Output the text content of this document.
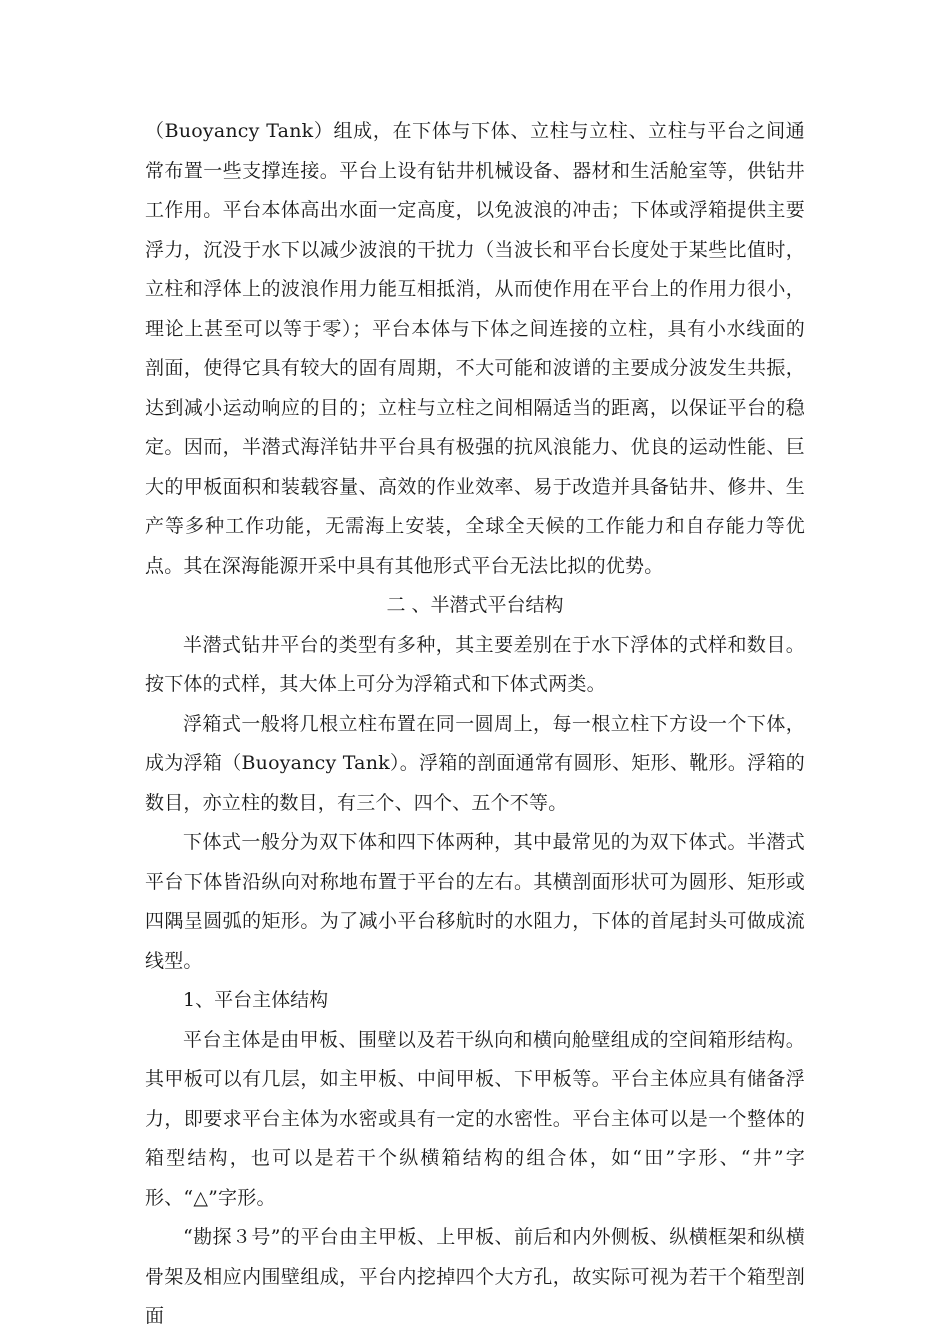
（Buoyancy Tank）组成，在下体与下体、立柱与立柱、立柱与平台之间通常布置一些支撑连接。平台上设有钻井机械设备、器材和生活舱室等，供钻井工作用。平台本体高出水面一定高度，以免波浪的冲击；下体或浮箱提供主要浮力，沉没于水下以减少波浪的干扰力（当波长和平台长度处于某些比值时，立柱和浮体上的波浪作用力能互相抵消，从而使作用在平台上的作用力很小，理论上甚至可以等于零）；平台本体与下体之间连接的立柱，具有小水线面的剖面，使得它具有较大的固有周期，不大可能和波谱的主要成分波发生共振，达到减小运动响应的目的；立柱与立柱之间相隔适当的距离，以保证平台的稳定。因而，半潜式海洋钻井平台具有极强的抗风浪能力、优良的运动性能、巨大的甲板面积和装载容量、高效的作业效率、易于改造并具备钻井、修井、生产等多种工作功能，无需海上安装，全球全天候的工作能力和自存能力等优点。其在深海能源开采中具有其他形式平台无法比拟的优势。

二 、半潜式平台结构

半潜式钻井平台的类型有多种，其主要差别在于水下浮体的式样和数目。按下体的式样，其大体上可分为浮箱式和下体式两类。

浮箱式一般将几根立柱布置在同一圆周上，每一根立柱下方设一个下体，成为浮箱（Buoyancy Tank）。浮箱的剖面通常有圆形、矩形、靴形。浮箱的数目，亦立柱的数目，有三个、四个、五个不等。

下体式一般分为双下体和四下体两种，其中最常见的为双下体式。半潜式平台下体皆沿纵向对称地布置于平台的左右。其横剖面形状可为圆形、矩形或四隅呈圆弧的矩形。为了减小平台移航时的水阻力，下体的首尾封头可做成流线型。

1、平台主体结构

平台主体是由甲板、围壁以及若干纵向和横向舱壁组成的空间箱形结构。其甲板可以有几层，如主甲板、中间甲板、下甲板等。平台主体应具有储备浮力，即要求平台主体为水密或具有一定的水密性。平台主体可以是一个整体的箱型结构，也可以是若干个纵横箱结构的组合体，如“田”字形、“井”字形、“△”字形。

“勘探３号”的平台由主甲板、上甲板、前后和内外侧板、纵横框架和纵横骨架及相应内围壁组成，平台内挖掉四个大方孔，故实际可视为若干个箱型剖面
